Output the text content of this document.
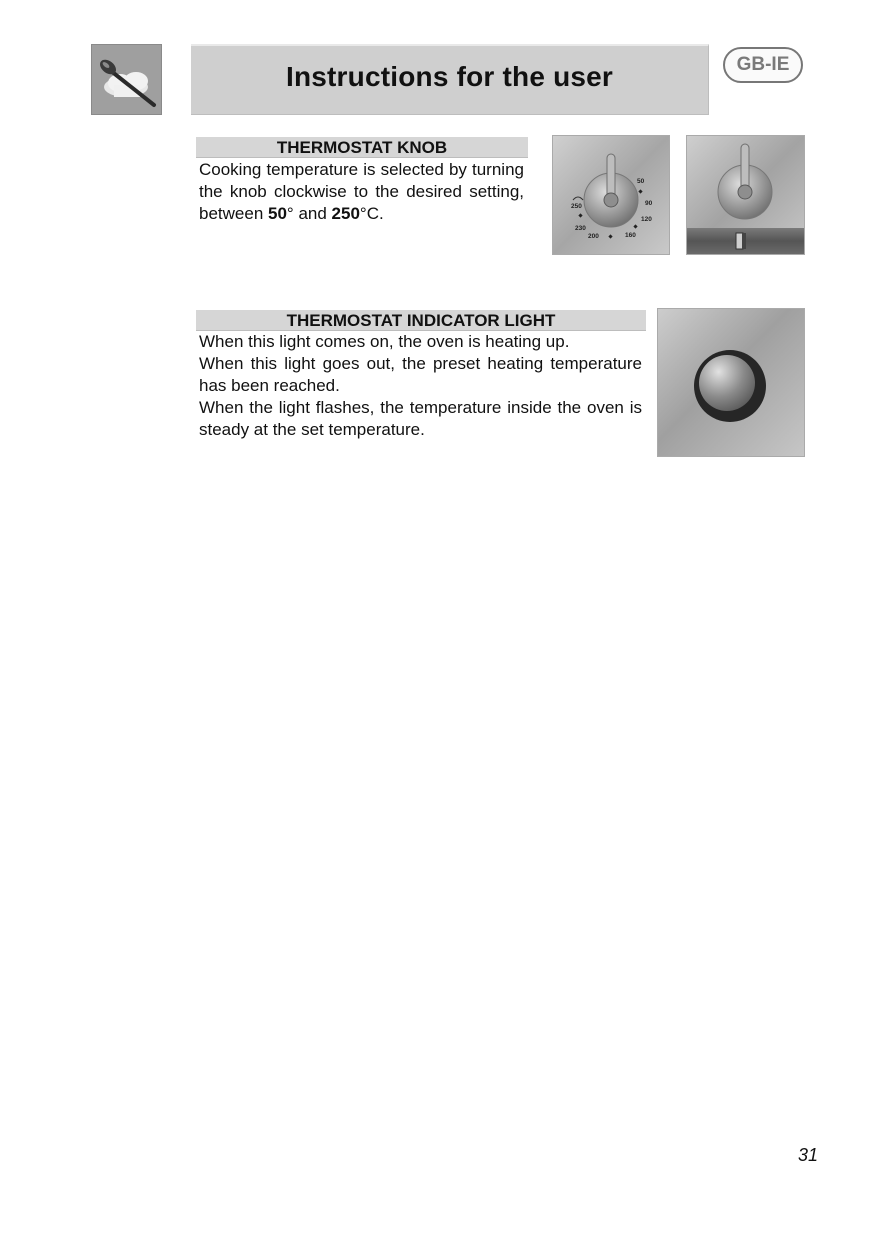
Instructions for the user	GB-IE
THERMOSTAT KNOB
Cooking temperature is selected by turning the knob clockwise to the desired setting, between 50° and 250°C.
50
90
120
160
200
230
250
THERMOSTAT INDICATOR LIGHT

When this light comes on, the oven is heating up.

When this light goes out, the preset heating temperature has been reached.

When the light flashes, the temperature inside the oven is steady at the set temperature.

31
